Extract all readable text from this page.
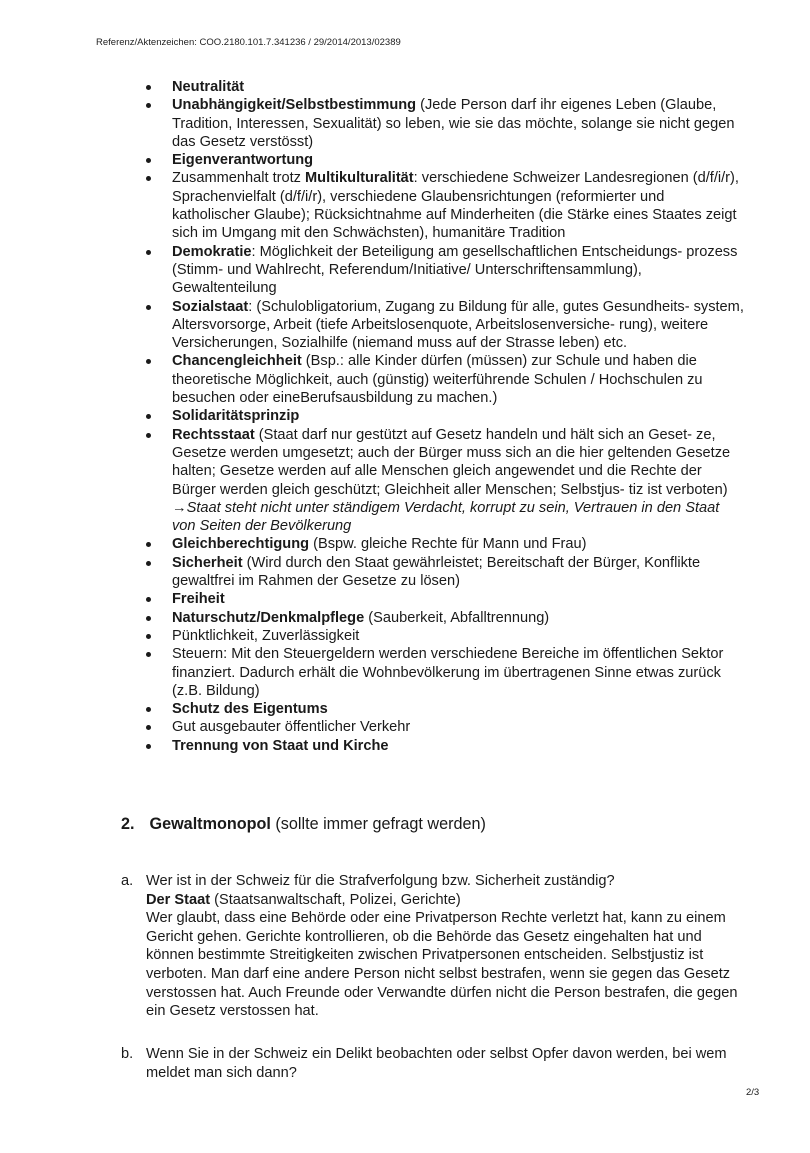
Referenz/Aktenzeichen: COO.2180.101.7.341236 / 29/2014/2013/02389
Neutralität
Unabhängigkeit/Selbstbestimmung (Jede Person darf ihr eigenes Leben (Glaube, Tradition, Interessen, Sexualität) so leben, wie sie das möchte, solange sie nicht gegen das Gesetz verstösst)
Eigenverantwortung
Zusammenhalt trotz Multikulturalität: verschiedene Schweizer Landesregionen (d/f/i/r), Sprachenvielfalt (d/f/i/r), verschiedene Glaubensrichtungen (reformierter und katholischer Glaube); Rücksichtnahme auf Minderheiten (die Stärke eines Staates zeigt sich im Umgang mit den Schwächsten), humanitäre Tradition
Demokratie: Möglichkeit der Beteiligung am gesellschaftlichen Entscheidungs- prozess (Stimm- und Wahlrecht, Referendum/Initiative/ Unterschriftensammlung), Gewaltenteilung
Sozialstaat: (Schulobligatorium, Zugang zu Bildung für alle, gutes Gesundheits- system, Altersvorsorge, Arbeit (tiefe Arbeitslosenquote, Arbeitslosenversiche- rung), weitere Versicherungen, Sozialhilfe (niemand muss auf der Strasse leben) etc.
Chancengleichheit (Bsp.: alle Kinder dürfen (müssen) zur Schule und haben die theoretische Möglichkeit, auch (günstig) weiterführende Schulen / Hochschulen zu besuchen oder eineBerufsausbildung zu machen.)
Solidaritätsprinzip
Rechtsstaat (Staat darf nur gestützt auf Gesetz handeln und hält sich an Geset- ze, Gesetze werden umgesetzt; auch der Bürger muss sich an die hier geltenden Gesetze halten; Gesetze werden auf alle Menschen gleich angewendet und die Rechte der Bürger werden gleich geschützt; Gleichheit aller Menschen; Selbstjus- tiz ist verboten) →Staat steht nicht unter ständigem Verdacht, korrupt zu sein, Vertrauen in den Staat von Seiten der Bevölkerung
Gleichberechtigung (Bspw. gleiche Rechte für Mann und Frau)
Sicherheit (Wird durch den Staat gewährleistet; Bereitschaft der Bürger, Konflikte gewaltfrei im Rahmen der Gesetze zu lösen)
Freiheit
Naturschutz/Denkmalpflege (Sauberkeit, Abfalltrennung)
Pünktlichkeit, Zuverlässigkeit
Steuern: Mit den Steuergeldern werden verschiedene Bereiche im öffentlichen Sektor finanziert. Dadurch erhält die Wohnbevölkerung im übertragenen Sinne etwas zurück (z.B. Bildung)
Schutz des Eigentums
Gut ausgebauter öffentlicher Verkehr
Trennung von Staat und Kirche
2. Gewaltmonopol (sollte immer gefragt werden)
a. Wer ist in der Schweiz für die Strafverfolgung bzw. Sicherheit zuständig?

Der Staat (Staatsanwaltschaft, Polizei, Gerichte)

Wer glaubt, dass eine Behörde oder eine Privatperson Rechte verletzt hat, kann zu einem Gericht gehen. Gerichte kontrollieren, ob die Behörde das Gesetz eingehalten hat und können bestimmte Streitigkeiten zwischen Privatpersonen entscheiden. Selbstjustiz ist verboten. Man darf eine andere Person nicht selbst bestrafen, wenn sie gegen das Gesetz verstossen hat. Auch Freunde oder Verwandte dürfen nicht die Person bestrafen, die gegen ein Gesetz verstossen hat.

b. Wenn Sie in der Schweiz ein Delikt beobachten oder selbst Opfer davon werden, bei wem meldet man sich dann?

2/3
